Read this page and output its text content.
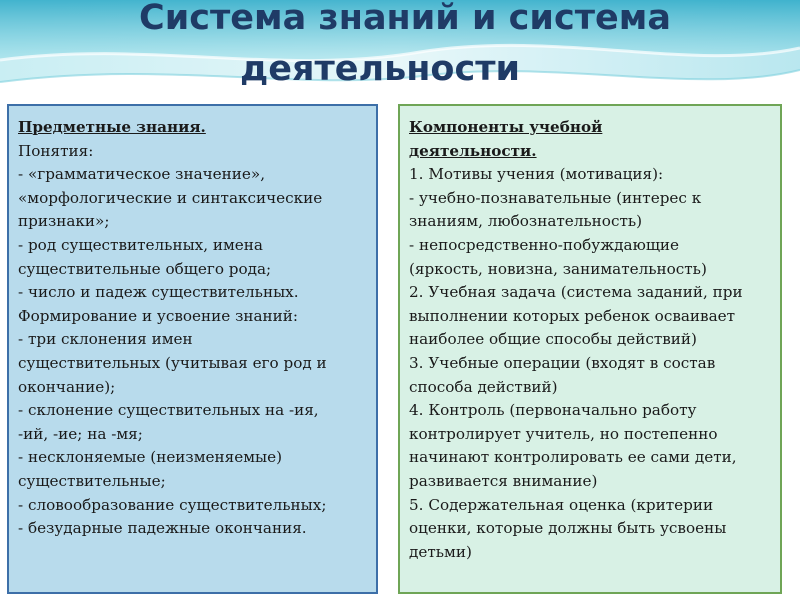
Система знаний и система
деятельности
Предметные знания.
Понятия:
- «грамматическое значение»,
«морфологические и синтаксические
признаки»;
- род существительных, имена
существительные общего рода;
- число и падеж существительных.
Формирование и усвоение знаний:
- три склонения имен
существительных (учитывая его род и
окончание);
- склонение существительных на -ия,
-ий, -ие; на -мя;
- несклоняемые (неизменяемые)
существительные;
- словообразование существительных;
- безударные падежные окончания.
Компоненты учебной
деятельности.
1. Мотивы учения (мотивация):
- учебно-познавательные (интерес к
знаниям, любознательность)
- непосредственно-побуждающие
(яркость, новизна, занимательность)
2. Учебная задача (система заданий, при
выполнении которых ребенок осваивает
наиболее общие способы действий)
3. Учебные операции (входят в состав
способа действий)
4. Контроль (первоначально работу
контролирует учитель, но постепенно
начинают контролировать ее сами дети,
развивается внимание)
5. Содержательная оценка (критерии
оценки, которые должны быть усвоены
детьми)
